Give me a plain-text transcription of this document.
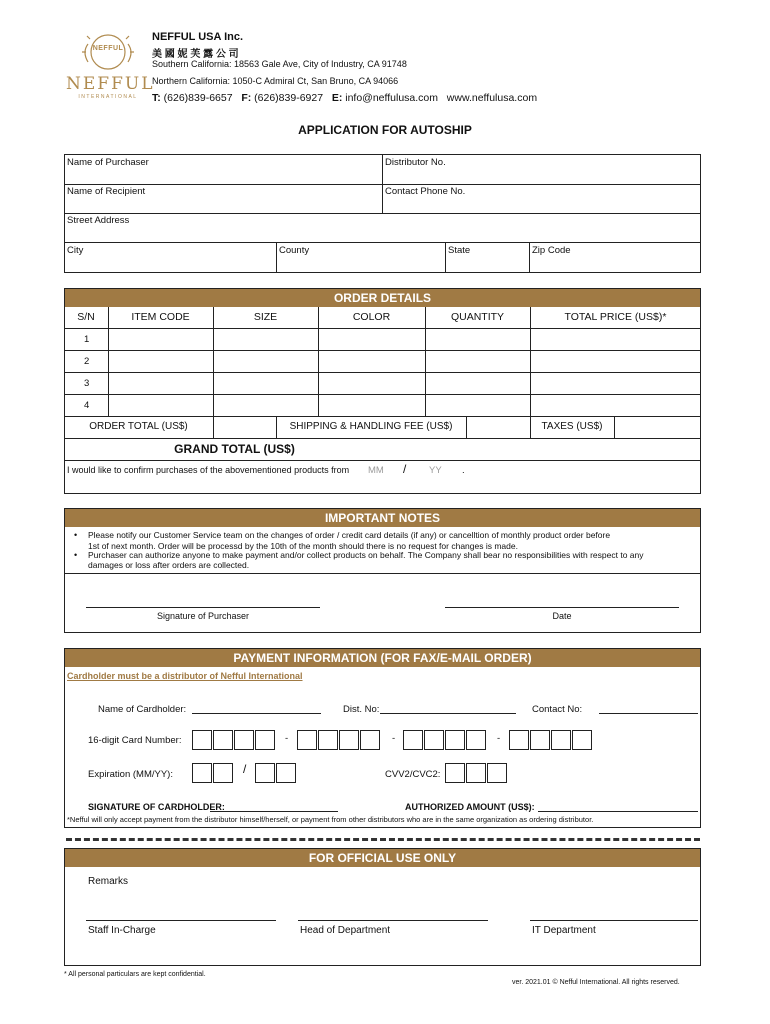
NEFFUL
NEFFUL
INTERNATIONAL
NEFFUL USA Inc.
美 國 妮 芙 露 公 司
Southern California: 18563 Gale Ave, City of Industry, CA 91748
Northern California: 1050-C Admiral Ct, San Bruno, CA 94066
T: (626)839-6657 F: (626)839-6927 E: info@neffulusa.com www.neffulusa.com
APPLICATION FOR AUTOSHIP
Name of Purchaser	Distributor No.
Name of Recipient	Contact Phone No.
Street Address
City	County	State	Zip Code
ORDER DETAILS
S/N	ITEM CODE	SIZE	COLOR	QUANTITY	TOTAL PRICE (US$)*
1
2
3
4
ORDER TOTAL (US$)	SHIPPING & HANDLING FEE (US$)	TAXES (US$)
GRAND TOTAL (US$)
I would like to confirm purchases of the abovementioned products from MM / YY .
IMPORTANT NOTES
• Please notify our Customer Service team on the changes of order / credit card details (if any) or cancelltion of monthly product order before
1st of next month. Order will be processd by the 10th of the month should there is no request for changes is made.
• Purchaser can authorize anyone to make payment and/or collect products on behalf. The Company shall bear no responsibilities with respect to any
damages or loss after orders are collected.
Signature of Purchaser	Date
PAYMENT INFORMATION (FOR FAX/E-MAIL ORDER)
Cardholder must be a distributor of Nefful International
Name of Cardholder:	Dist. No:	Contact No:
16-digit Card Number:	-	-	-
Expiration (MM/YY):	/	CVV2/CVC2:
SIGNATURE OF CARDHOLDER:	AUTHORIZED AMOUNT (US$):
*Nefful will only accept payment from the distributor himself/herself, or payment from other distributors who are in the same organization as ordering distributor.
FOR OFFICIAL USE ONLY
Remarks
Staff In-Charge	Head of Department	IT Department
* All personal particulars are kept confidential.
ver. 2021.01 © Nefful International. All rights reserved.
